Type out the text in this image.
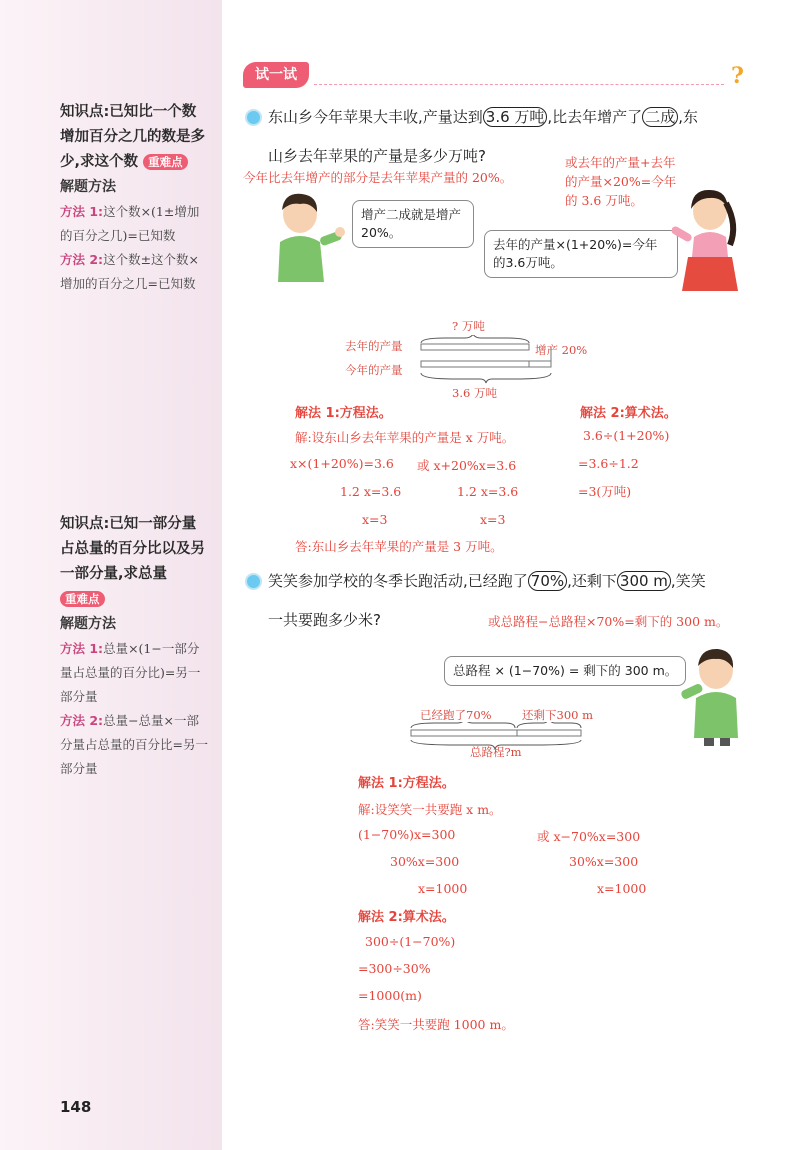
知识点:已知比一个数增加百分之几的数是多少,求这个数 重难点
解题方法
方法 1:这个数×(1±增加的百分之几)=已知数
方法 2:这个数±这个数×增加的百分之几=已知数
知识点:已知一部分量占总量的百分比以及另一部分量,求总量 重难点
解题方法
方法 1:总量×(1−一部分量占总量的百分比)=另一部分量
方法 2:总量−总量×一部分量占总量的百分比=另一部分量
148
试一试	?
东山乡今年苹果大丰收,产量达到 3.6 万吨 ,比去年增产了 二成 ,东
山乡去年苹果的产量是多少万吨?
今年比去年增产的部分是去年苹果产量的 20%。
或去年的产量+去年
的产量×20%=今年
的 3.6 万吨。
增产二成就是增产 20%。
去年的产量×(1+20%)=今年的3.6万吨。
? 万吨
去年的产量
今年的产量
增产 20%
3.6 万吨
解法 1:方程法。
解:设东山乡去年苹果的产量是 x 万吨。
x×(1+20%)=3.6
1.2 x=3.6
x=3
或 x+20%x=3.6
1.2 x=3.6
x=3
解法 2:算术法。
3.6÷(1+20%)
=3.6÷1.2
=3(万吨)
答:东山乡去年苹果的产量是 3 万吨。
笑笑参加学校的冬季长跑活动,已经跑了 70% ,还剩下 300 m ,笑笑
一共要跑多少米?	或总路程−总路程×70%=剩下的 300 m。
总路程 × (1−70%) = 剩下的 300 m。
已经跑了70%	还剩下300 m
总路程?m
解法 1:方程法。
解:设笑笑一共要跑 x m。
(1−70%)x=300
30%x=300
x=1000
或 x−70%x=300
30%x=300
x=1000
解法 2:算术法。
300÷(1−70%)
=300÷30%
=1000(m)
答:笑笑一共要跑 1000 m。
